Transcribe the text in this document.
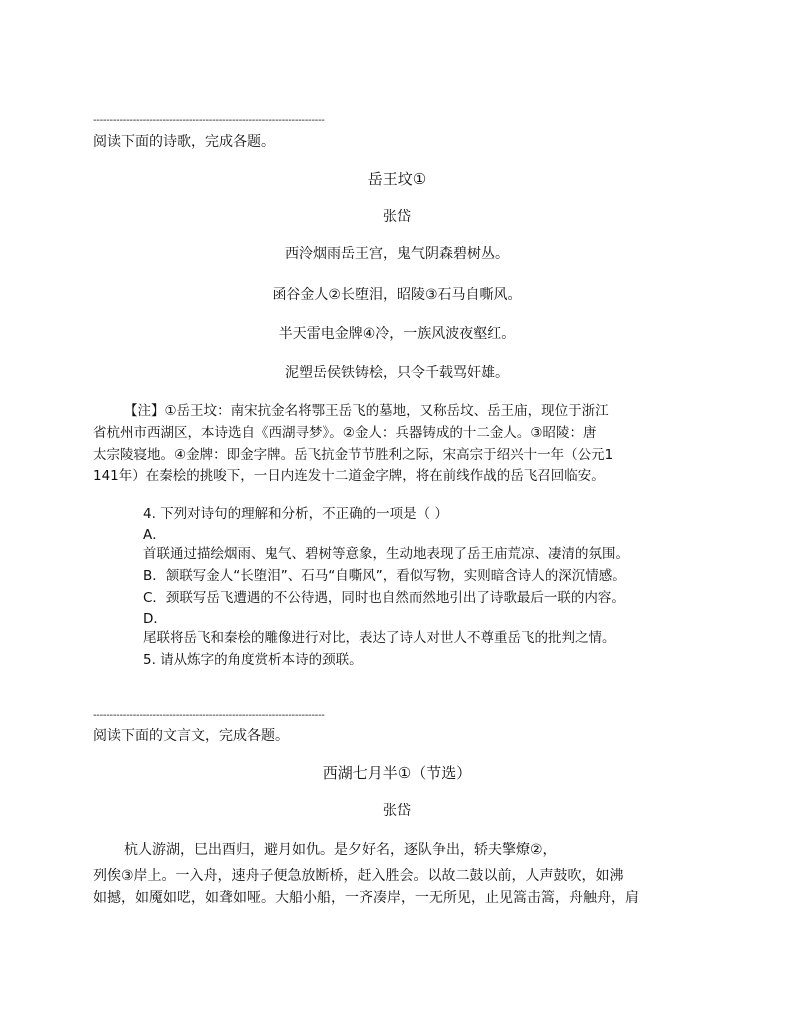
----------------------------------------------------------------------
阅读下面的诗歌，完成各题。
岳王坟①
张岱
西泠烟雨岳王宫，鬼气阴森碧树丛。
函谷金人②长堕泪，昭陵③石马自嘶风。
半天雷电金牌④冷，一族风波夜壑红。
泥塑岳侯铁铸桧，只令千载骂奸雄。
【注】①岳王坟：南宋抗金名将鄂王岳飞的墓地，又称岳坟、岳王庙，现位于浙江
省杭州市西湖区，本诗选自《西湖寻梦》。②金人：兵器铸成的十二金人。③昭陵：唐
太宗陵寝地。④金牌：即金字牌。岳飞抗金节节胜利之际，宋高宗于绍兴十一年（公元1
141年）在秦桧的挑唆下，一日内连发十二道金字牌，将在前线作战的岳飞召回临安。
4. 下列对诗句的理解和分析，不正确的一项是（ ）
A．
首联通过描绘烟雨、鬼气、碧树等意象，生动地表现了岳王庙荒凉、凄清的氛围。
B．颔联写金人“长堕泪”、石马“自嘶风”，看似写物，实则暗含诗人的深沉情感。
C．颈联写岳飞遭遇的不公待遇，同时也自然而然地引出了诗歌最后一联的内容。
D．
尾联将岳飞和秦桧的雕像进行对比，表达了诗人对世人不尊重岳飞的批判之情。
5. 请从炼字的角度赏析本诗的颈联。
----------------------------------------------------------------------
阅读下面的文言文，完成各题。
西湖七月半①（节选）
张岱
杭人游湖，巳出酉归，避月如仇。是夕好名，逐队争出，轿夫擎燎②，
列俟③岸上。一入舟，速舟子便急放断桥，赶入胜会。以故二鼓以前，人声鼓吹，如沸
如撼，如魇如呓，如聋如哑。大船小船，一齐凑岸，一无所见，止见篙击篙，舟触舟，肩
